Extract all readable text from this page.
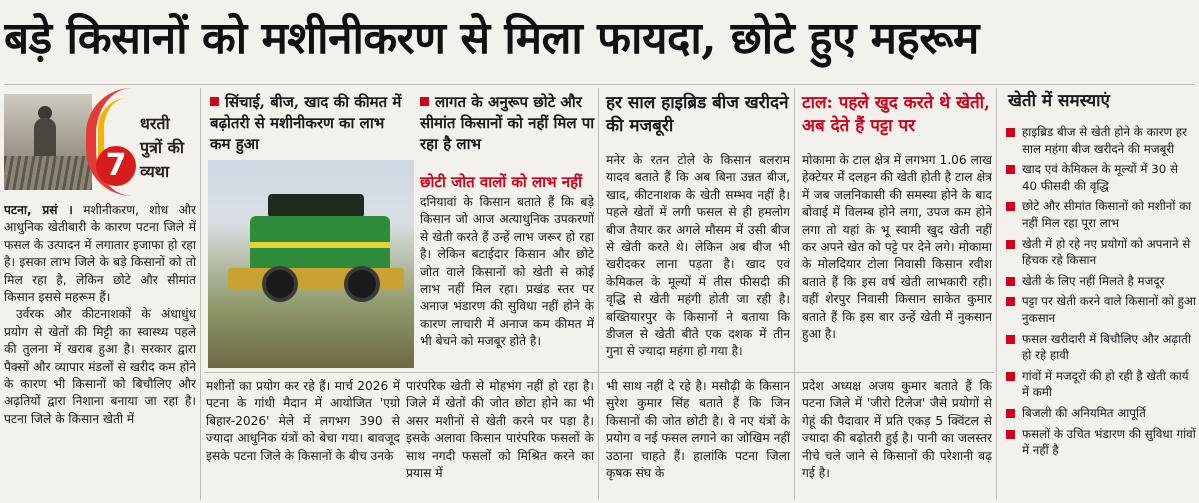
बड़े किसानों को मशीनीकरण से मिला फायदा, छोटे हुए महरूम
7
धरती पुत्रों की व्यथा

पटना, प्रसं । मशीनीकरण, शोध और आधुनिक खेतीबारी के कारण पटना जिले में फसल के उत्पादन में लगातार इजाफा हो रहा है। इसका लाभ जिले के बड़े किसानों को तो मिल रहा है, लेकिन छोटे और सीमांत किसान इससे महरूम हैं।

उर्वरक और कीटनाशकों के अंधाधुंध प्रयोग से खेतों की मिट्टी का स्वास्थ्य पहले की तुलना में खराब हुआ है। सरकार द्वारा पैक्सों और व्यापार मंडलों से खरीद कम होने के कारण भी किसानों को बिचौलिए और अढ़तियों द्वारा निशाना बनाया जा रहा है। पटना जिले के किसान खेती में

सिंचाई, बीज, खाद की कीमत में बढ़ोतरी से मशीनीकरण का लाभ कम हुआ
लागत के अनुरूप छोटे और सीमांत किसानों को नहीं मिल पा रहा है लाभ
छोटी जोत वालों को लाभ नहीं

दनियावां के किसान बताते हैं कि बड़े किसान जो आज अत्याधुनिक उपकरणों से खेती करते हैं उन्हें लाभ जरूर हो रहा है। लेकिन बटाईदार किसान और छोटे जोत वाले किसानों को खेती से कोई लाभ नहीं मिल रहा। प्रखंड स्तर पर अनाज भंडारण की सुविधा नहीं होने के कारण लाचारी में अनाज कम कीमत में भी बेचने को मजबूर होते है।

मशीनों का प्रयोग कर रहे हैं। मार्च 2026 में पटना के गांधी मैदान में आयोजित 'एग्रो बिहार-2026' मेले में लगभग 390 से ज्यादा आधुनिक यंत्रों को बेचा गया। बावजूद इसके पटना जिले के किसानों के बीच उनके

पारंपरिक खेती से मोहभंग नहीं हो रहा है। जिले में खेतों की जोत छोटा होने का भी असर मशीनों से खेती करने पर पड़ा है। इसके अलावा किसान पारंपरिक फसलों के साथ नगदी फसलों को मिश्रित करने का प्रयास में

हर साल हाइब्रिड बीज खरीदने की मजबूरी

मनेर के रतन टोले के किसान बलराम यादव बताते हैं कि अब बिना उन्नत बीज, खाद, कीटनाशक के खेती सम्भव नहीं है। पहले खेतों में लगी फसल से ही हमलोग बीज तैयार कर अगले मौसम में उसी बीज से खेती करते थे। लेकिन अब बीज भी खरीदकर लाना पड़ता है। खाद एवं केमिकल के मूल्यों में तीस फीसदी की वृद्धि से खेती महंगी होती जा रही है। बख्तियारपुर के किसानों ने बताया कि डीजल से खेती बीते एक दशक में तीन गुना से ज्यादा महंगा हो गया है।

भी साथ नहीं दे रहे है। मसौढ़ी के किसान सुरेश कुमार सिंह बताते हैं कि जिन किसानों की जोत छोटी है। वे नए यंत्रों के प्रयोग व नई फसल लगाने का जोखिम नहीं उठाना चाहते हैं। हालांकि पटना जिला कृषक संघ के

टाल: पहले खुद करते थे खेती, अब देते हैं पट्टा पर

मोकामा के टाल क्षेत्र में लगभग 1.06 लाख हेक्टेयर में दलहन की खेती होती है टाल क्षेत्र में जब जलनिकासी की समस्या होने के बाद बोवाई में विलम्ब होने लगा, उपज कम होने लगा तो यहां के भू स्वामी खुद खेती नहीं कर अपने खेत को पट्टे पर देने लगे। मोकामा के मोलदियार टोला निवासी किसान रवीश बताते हैं कि इस वर्ष खेती लाभकारी रही। वहीं शेरपुर निवासी किसान साकेत कुमार बताते हैं कि इस बार उन्हें खेती में नुकसान हुआ है।

प्रदेश अध्यक्ष अजय कुमार बताते हैं कि पटना जिले में 'जीरो टिलेज' जैसे प्रयोगों से गेहूं की पैदावार में प्रति एकड़ 5 क्विंटल से ज्यादा की बढ़ोतरी हुई है। पानी का जलस्तर नीचे चले जाने से किसानों की परेशानी बढ़ गई है।

खेती में समस्याएं
हाइब्रिड बीज से खेती होने के कारण हर साल महंगा बीज खरीदने की मजबूरी
खाद एवं केमिकल के मूल्यों में 30 से 40 फीसदी की वृद्धि
छोटे और सीमांत किसानों को मशीनों का नहीं मिल रहा पूरा लाभ
खेती में हो रहे नए प्रयोगों को अपनाने से हिचक रहे किसान
खेती के लिए नहीं मिलते है मजदूर
पट्टा पर खेती करने वाले किसानों को हुआ नुकसान
फसल खरीदारी में बिचौलिए और अढ़ाती हो रहे हावी
गांवों में मजदूरों की हो रही है खेती कार्य में कमी
बिजली की अनियमित आपूर्ति
फसलों के उचित भंडारण की सुविधा गांवों में नहीं है
